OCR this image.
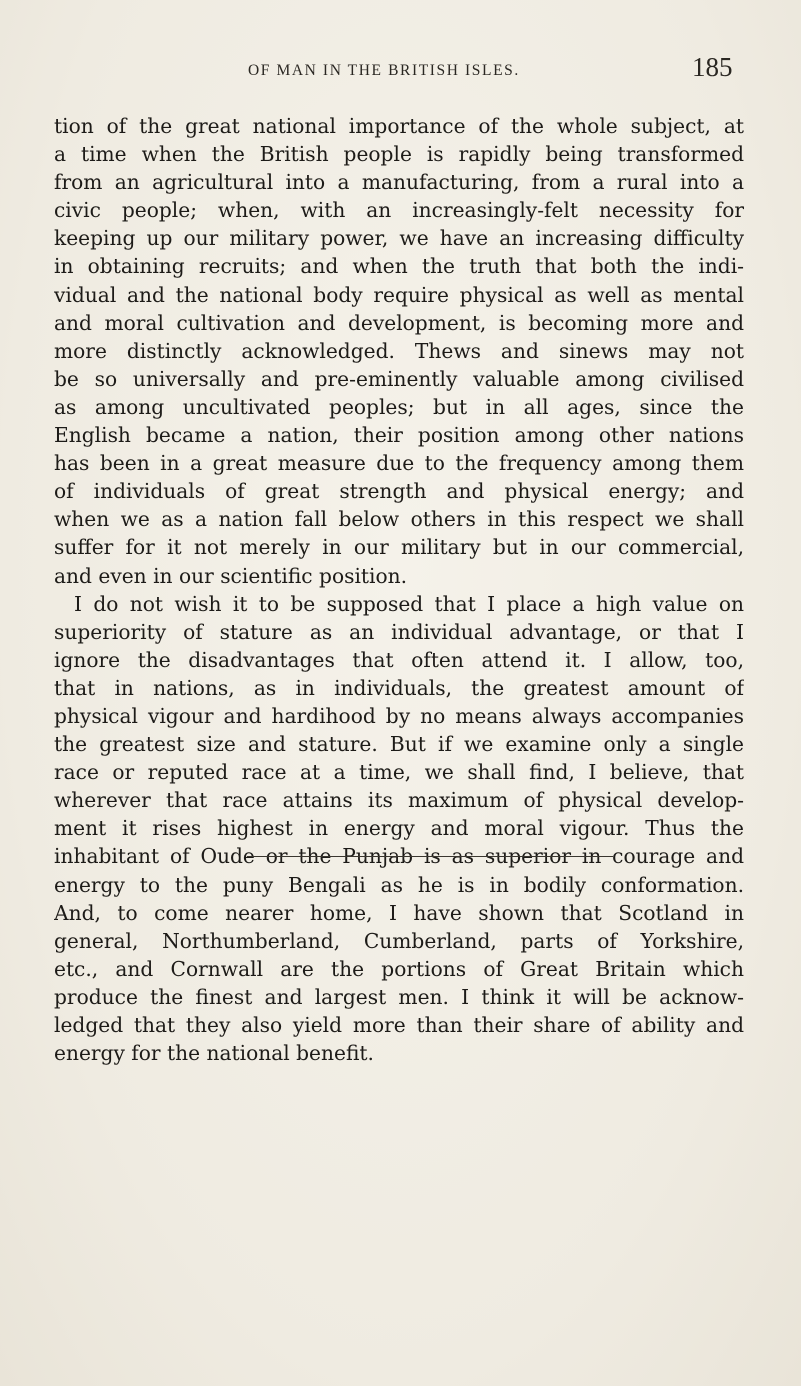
OF MAN IN THE BRITISH ISLES.	185
tion of the great national importance of the whole subject, at
a time when the British people is rapidly being transformed
from an agricultural into a manufacturing, from a rural into a
civic people; when, with an increasingly-felt necessity for
keeping up our military power, we have an increasing difficulty
in obtaining recruits; and when the truth that both the indi-
vidual and the national body require physical as well as mental
and moral cultivation and development, is becoming more and
more distinctly acknowledged. Thews and sinews may not
be so universally and pre-eminently valuable among civilised
as among uncultivated peoples; but in all ages, since the
English became a nation, their position among other nations
has been in a great measure due to the frequency among them
of individuals of great strength and physical energy; and
when we as a nation fall below others in this respect we shall
suffer for it not merely in our military but in our commercial,
and even in our scientific position.
I do not wish it to be supposed that I place a high value on
superiority of stature as an individual advantage, or that I
ignore the disadvantages that often attend it. I allow, too,
that in nations, as in individuals, the greatest amount of
physical vigour and hardihood by no means always accompanies
the greatest size and stature. But if we examine only a single
race or reputed race at a time, we shall find, I believe, that
wherever that race attains its maximum of physical develop-
ment it rises highest in energy and moral vigour. Thus the
inhabitant of Oude or the Punjab is as superior in courage and
energy to the puny Bengali as he is in bodily conformation.
And, to come nearer home, I have shown that Scotland in
general, Northumberland, Cumberland, parts of Yorkshire,
etc., and Cornwall are the portions of Great Britain which
produce the finest and largest men. I think it will be acknow-
ledged that they also yield more than their share of ability and
energy for the national benefit.
